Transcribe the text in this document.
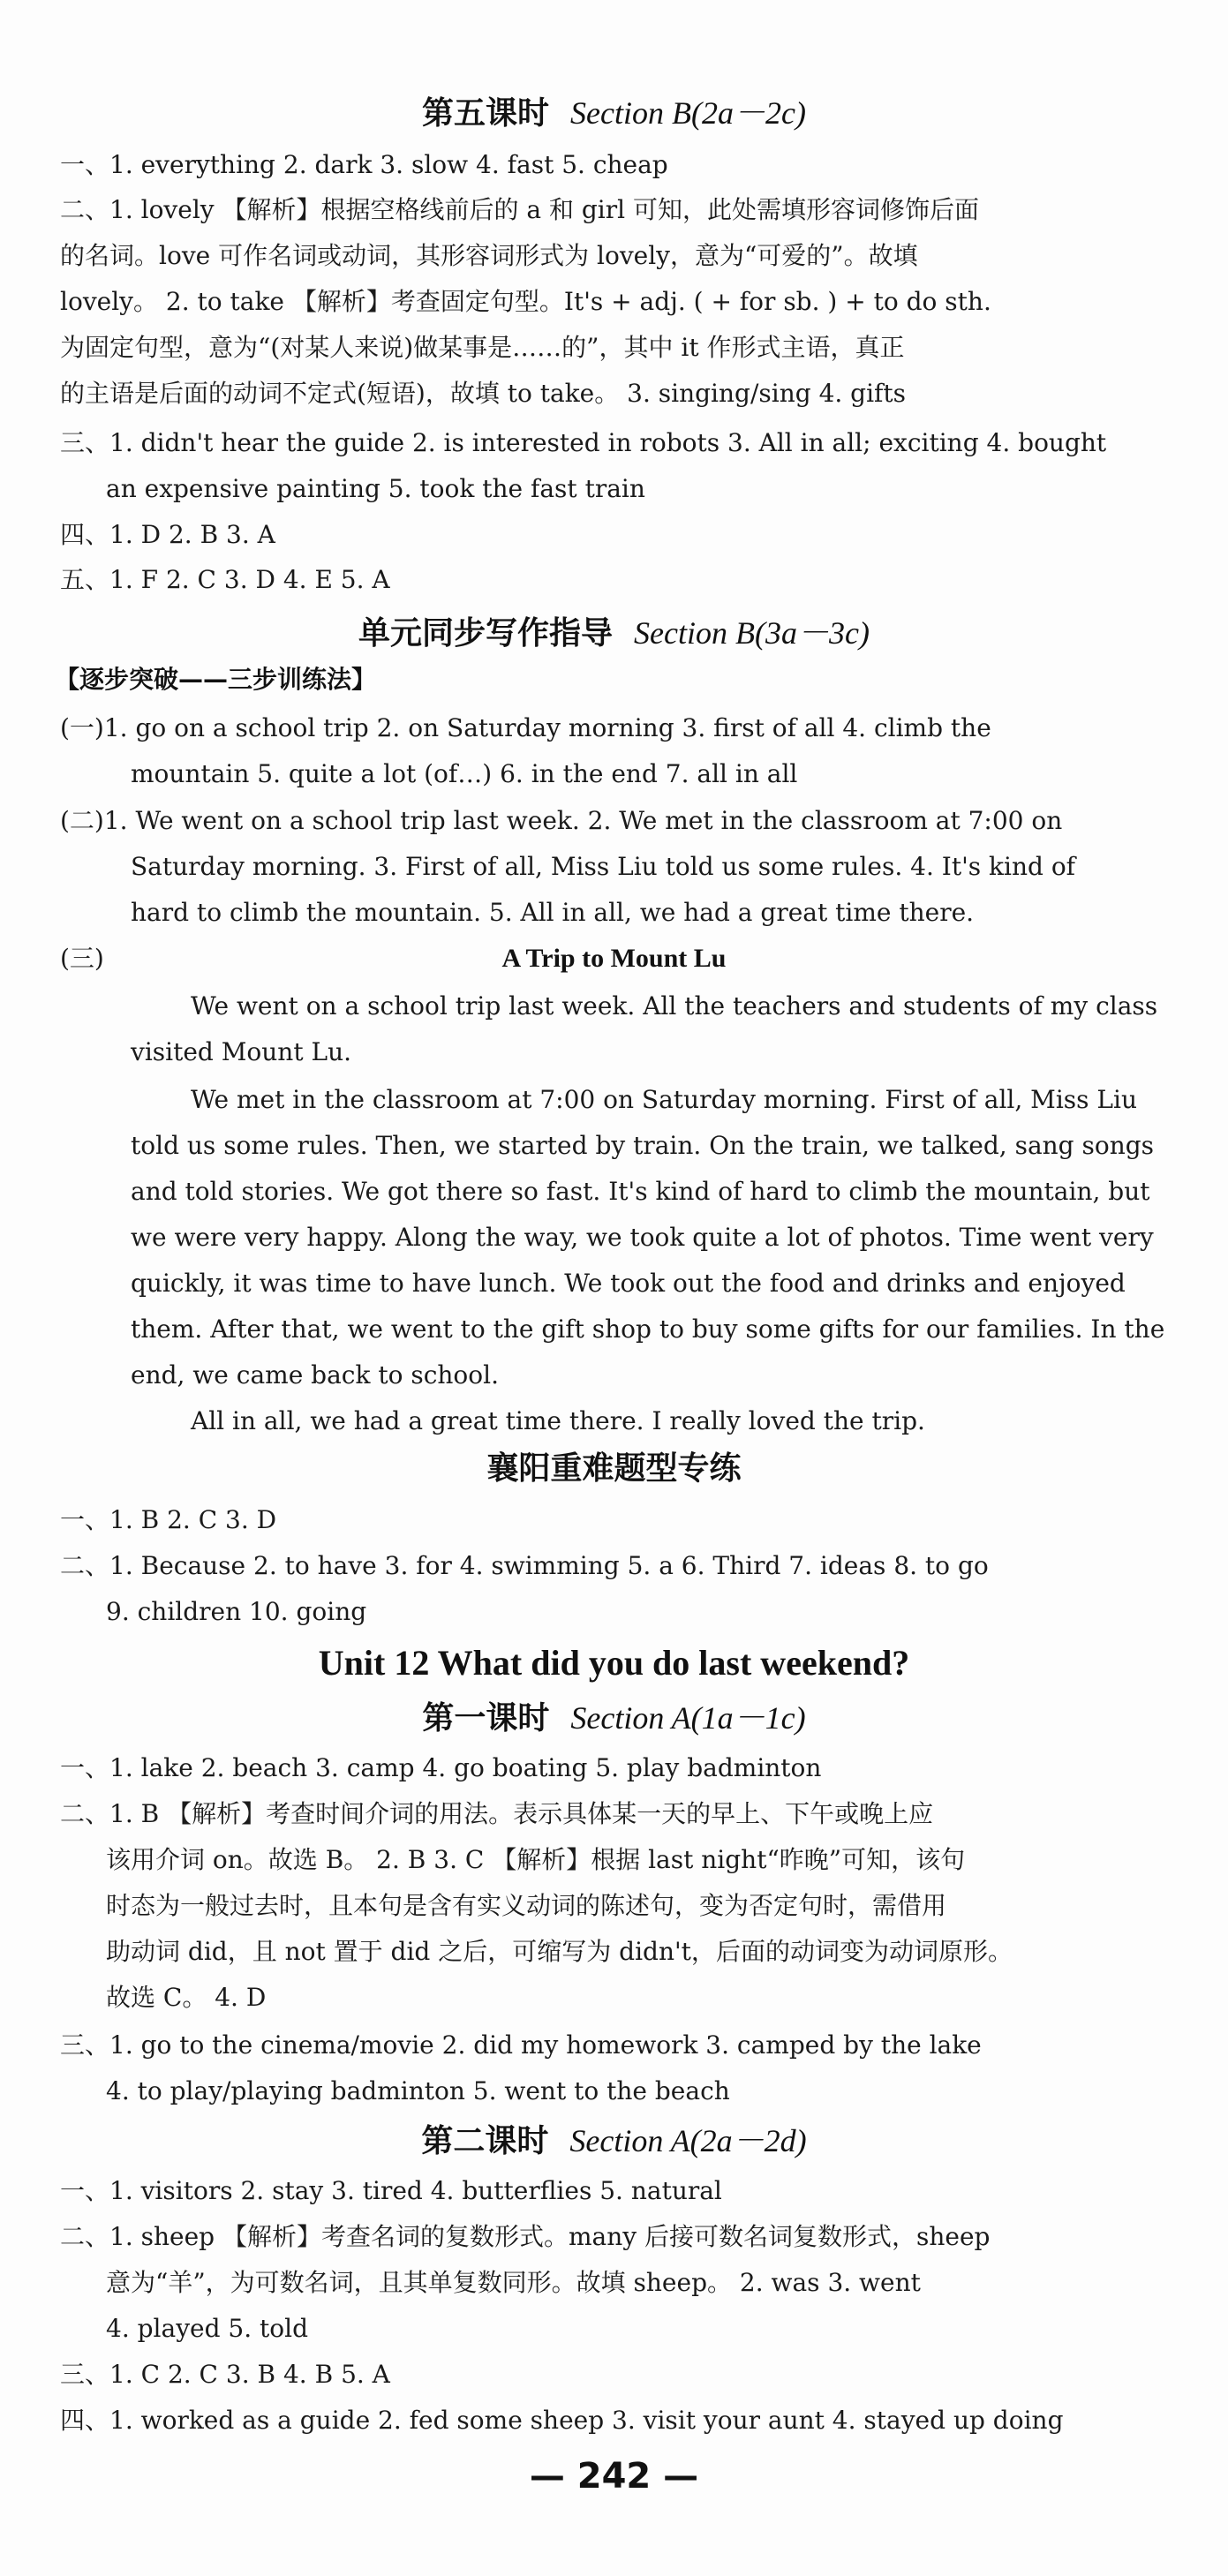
第五课时 Section B(2a－2c)
一、1. everything 2. dark 3. slow 4. fast 5. cheap
二、1. lovely 【解析】根据空格线前后的 a 和 girl 可知，此处需填形容词修饰后面
的名词。love 可作名词或动词，其形容词形式为 lovely，意为“可爱的”。故填
lovely。 2. to take 【解析】考查固定句型。It's + adj. ( + for sb. ) + to do sth.
为固定句型，意为“(对某人来说)做某事是……的”，其中 it 作形式主语，真正
的主语是后面的动词不定式(短语)，故填 to take。 3. singing/sing 4. gifts
三、1. didn't hear the guide 2. is interested in robots 3. All in all; exciting 4. bought
an expensive painting 5. took the fast train
四、1. D 2. B 3. A
五、1. F 2. C 3. D 4. E 5. A
单元同步写作指导 Section B(3a－3c)
【逐步突破——三步训练法】
(一)1. go on a school trip 2. on Saturday morning 3. first of all 4. climb the
mountain 5. quite a lot (of…) 6. in the end 7. all in all
(二)1. We went on a school trip last week. 2. We met in the classroom at 7:00 on
Saturday morning. 3. First of all, Miss Liu told us some rules. 4. It's kind of
hard to climb the mountain. 5. All in all, we had a great time there.
(三)	A Trip to Mount Lu
We went on a school trip last week. All the teachers and students of my class
visited Mount Lu.
We met in the classroom at 7:00 on Saturday morning. First of all, Miss Liu
told us some rules. Then, we started by train. On the train, we talked, sang songs
and told stories. We got there so fast. It's kind of hard to climb the mountain, but
we were very happy. Along the way, we took quite a lot of photos. Time went very
quickly, it was time to have lunch. We took out the food and drinks and enjoyed
them. After that, we went to the gift shop to buy some gifts for our families. In the
end, we came back to school.
All in all, we had a great time there. I really loved the trip.
襄阳重难题型专练
一、1. B 2. C 3. D
二、1. Because 2. to have 3. for 4. swimming 5. a 6. Third 7. ideas 8. to go
9. children 10. going
Unit 12 What did you do last weekend?
第一课时 Section A(1a－1c)
一、1. lake 2. beach 3. camp 4. go boating 5. play badminton
二、1. B 【解析】考查时间介词的用法。表示具体某一天的早上、下午或晚上应
该用介词 on。故选 B。 2. B 3. C 【解析】根据 last night“昨晚”可知，该句
时态为一般过去时，且本句是含有实义动词的陈述句，变为否定句时，需借用
助动词 did，且 not 置于 did 之后，可缩写为 didn't，后面的动词变为动词原形。
故选 C。 4. D
三、1. go to the cinema/movie 2. did my homework 3. camped by the lake
4. to play/playing badminton 5. went to the beach
第二课时 Section A(2a－2d)
一、1. visitors 2. stay 3. tired 4. butterflies 5. natural
二、1. sheep 【解析】考查名词的复数形式。many 后接可数名词复数形式，sheep
意为“羊”，为可数名词，且其单复数同形。故填 sheep。 2. was 3. went
4. played 5. told
三、1. C 2. C 3. B 4. B 5. A
四、1. worked as a guide 2. fed some sheep 3. visit your aunt 4. stayed up doing
— 242 —
